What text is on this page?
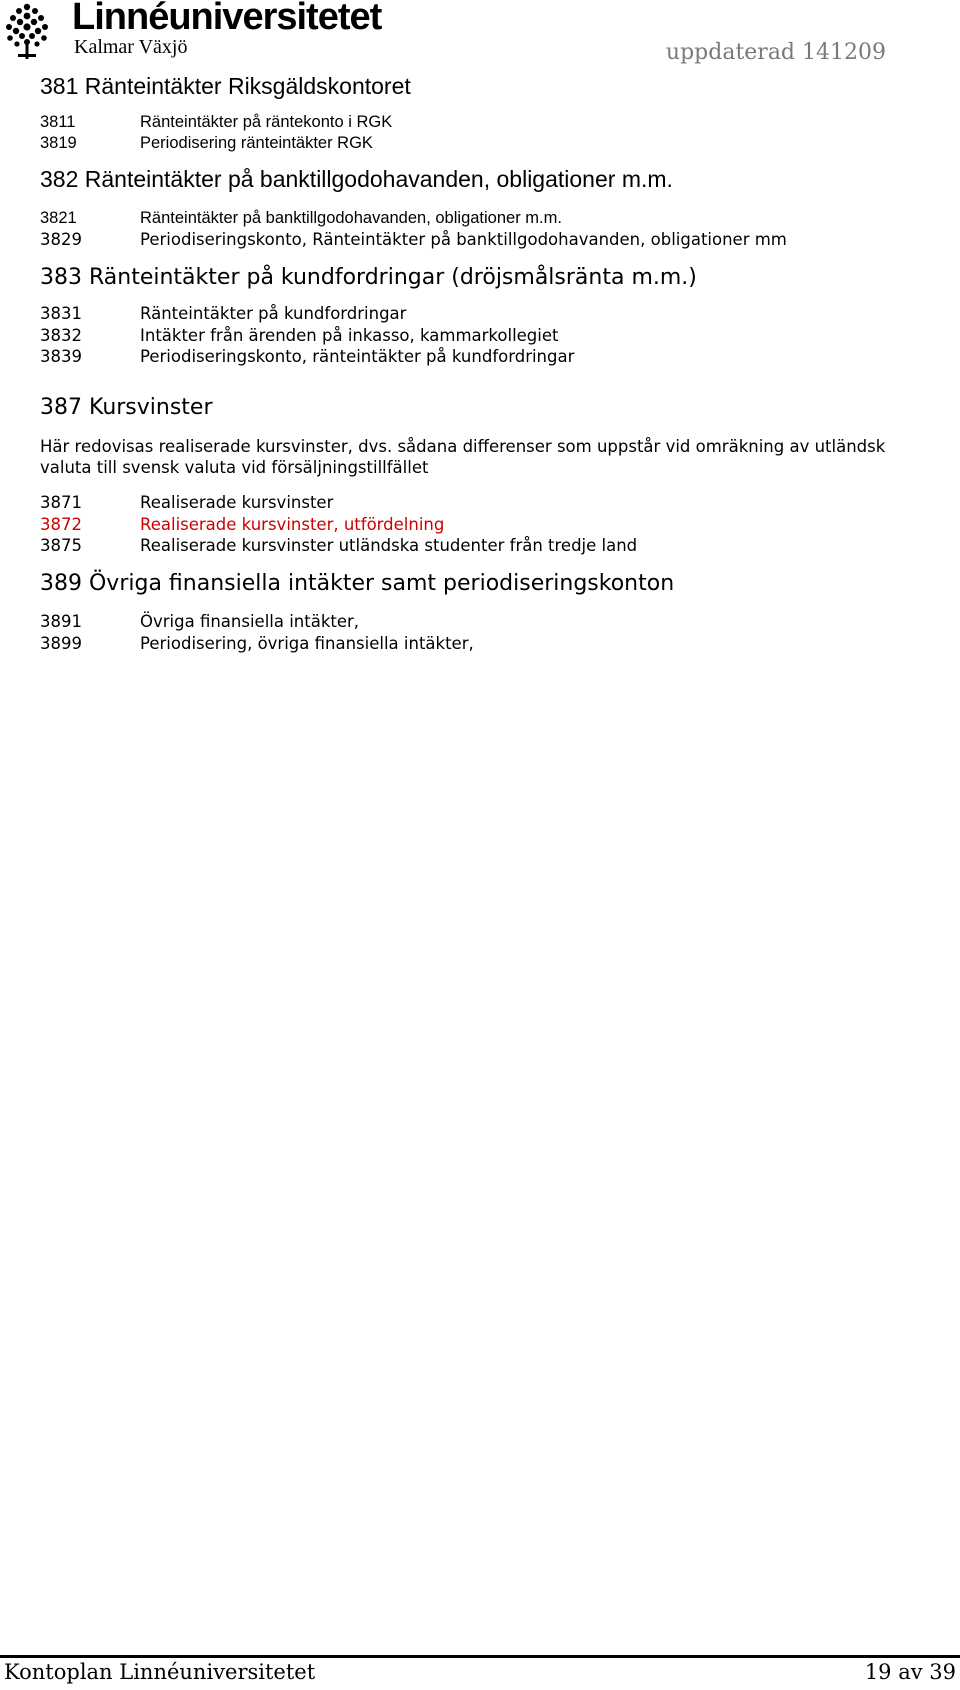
Linnéuniversitetet
Kalmar Växjö	uppdaterad 141209
381 Ränteintäkter Riksgäldskontoret
3811	Ränteintäkter på räntekonto i RGK
3819	Periodisering ränteintäkter RGK
382 Ränteintäkter på banktillgodohavanden, obligationer m.m.
3821	Ränteintäkter på banktillgodohavanden, obligationer m.m.
3829	Periodiseringskonto, Ränteintäkter på banktillgodohavanden, obligationer mm
383 Ränteintäkter på kundfordringar (dröjsmålsränta m.m.)
3831	Ränteintäkter på kundfordringar
3832	Intäkter från ärenden på inkasso, kammarkollegiet
3839	Periodiseringskonto, ränteintäkter på kundfordringar
387 Kursvinster
Här redovisas realiserade kursvinster, dvs. sådana differenser som uppstår vid omräkning av utländsk valuta till svensk valuta vid försäljningstillfället
3871	Realiserade kursvinster
3872	Realiserade kursvinster, utfördelning
3875	Realiserade kursvinster utländska studenter från tredje land
389 Övriga finansiella intäkter samt periodiseringskonton
3891	Övriga finansiella intäkter,
3899	Periodisering, övriga finansiella intäkter,
Kontoplan Linnéuniversitetet	19 av 39
